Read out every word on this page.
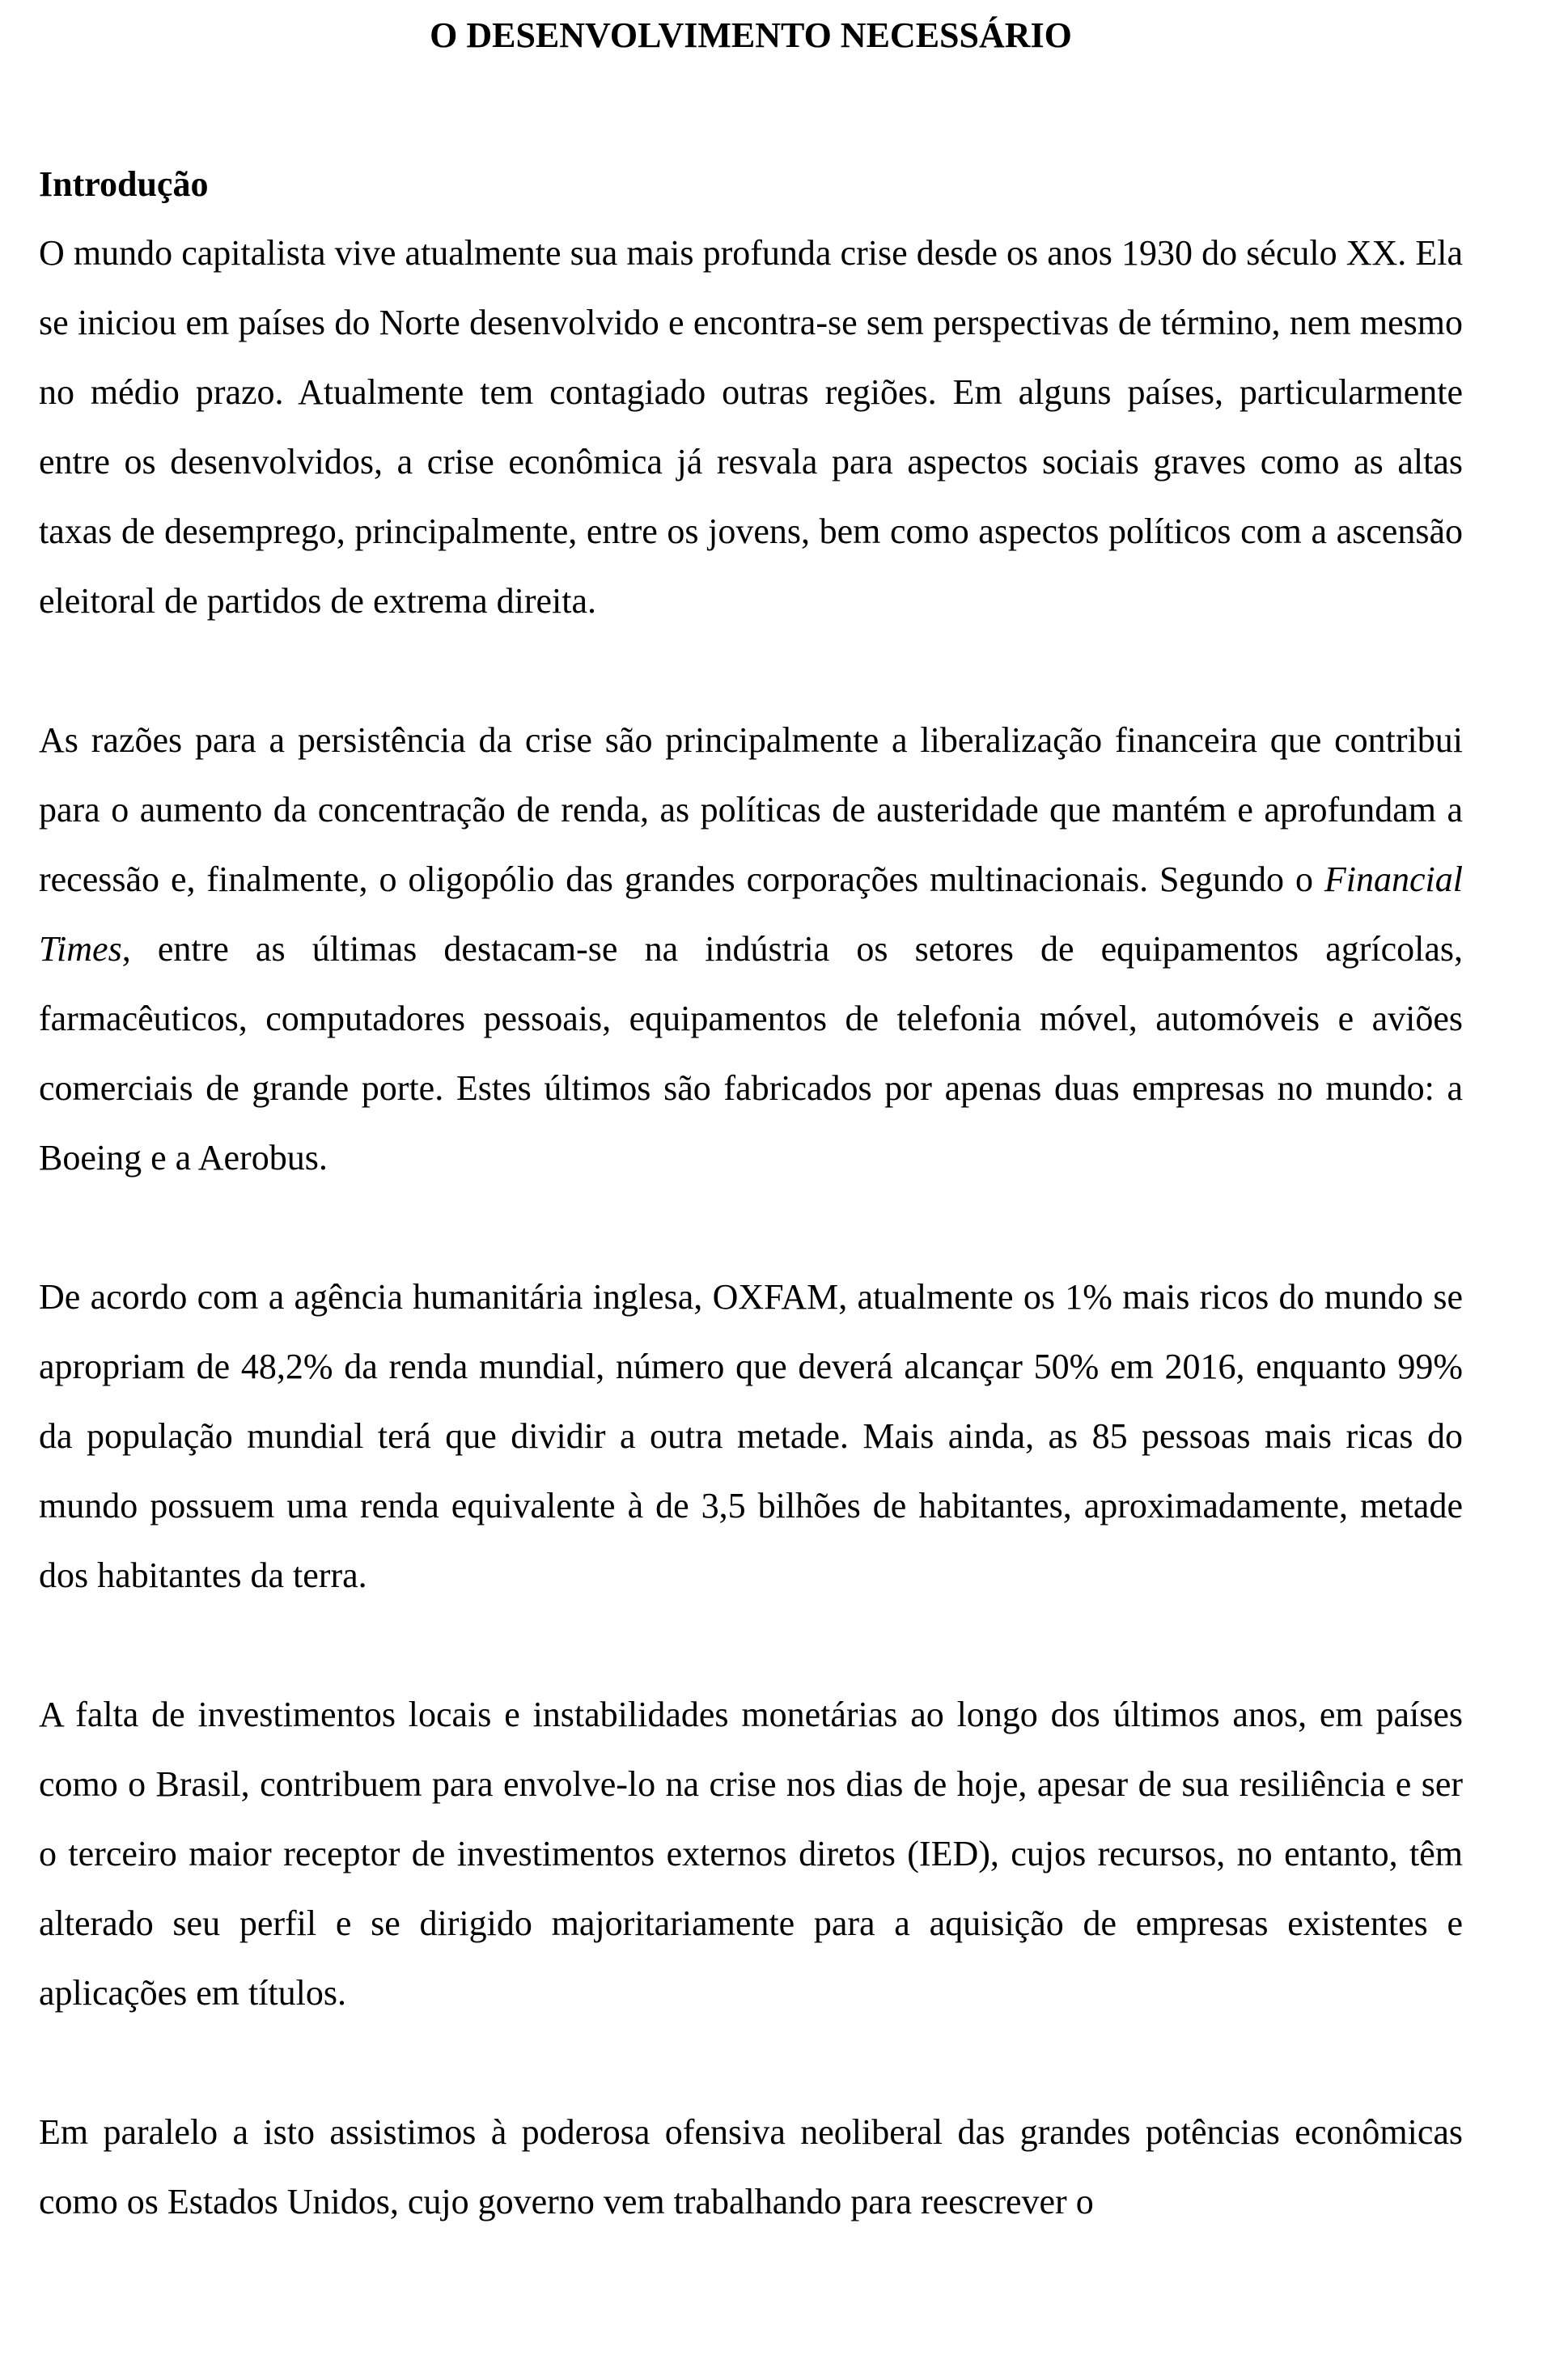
O DESENVOLVIMENTO NECESSÁRIO
Introdução

O mundo capitalista vive atualmente sua mais profunda crise desde os anos 1930 do século XX. Ela se iniciou em países do Norte desenvolvido e encontra-se sem perspectivas de término, nem mesmo no médio prazo. Atualmente tem contagiado outras regiões. Em alguns países, particularmente entre os desenvolvidos, a crise econômica já resvala para aspectos sociais graves como as altas taxas de desemprego, principalmente, entre os jovens, bem como aspectos políticos com a ascensão eleitoral de partidos de extrema direita.

As razões para a persistência da crise são principalmente a liberalização financeira que contribui para o aumento da concentração de renda, as políticas de austeridade que mantém e aprofundam a recessão e, finalmente, o oligopólio das grandes corporações multinacionais. Segundo o Financial Times, entre as últimas destacam-se na indústria os setores de equipamentos agrícolas, farmacêuticos, computadores pessoais, equipamentos de telefonia móvel, automóveis e aviões comerciais de grande porte. Estes últimos são fabricados por apenas duas empresas no mundo: a Boeing e a Aerobus.

De acordo com a agência humanitária inglesa, OXFAM, atualmente os 1% mais ricos do mundo se apropriam de 48,2% da renda mundial, número que deverá alcançar 50% em 2016, enquanto 99% da população mundial terá que dividir a outra metade. Mais ainda, as 85 pessoas mais ricas do mundo possuem uma renda equivalente à de 3,5 bilhões de habitantes, aproximadamente, metade dos habitantes da terra.

A falta de investimentos locais e instabilidades monetárias ao longo dos últimos anos, em países como o Brasil, contribuem para envolve-lo na crise nos dias de hoje, apesar de sua resiliência e ser o terceiro maior receptor de investimentos externos diretos (IED), cujos recursos, no entanto, têm alterado seu perfil e se dirigido majoritariamente para a aquisição de empresas existentes e aplicações em títulos.

Em paralelo a isto assistimos à poderosa ofensiva neoliberal das grandes potências econômicas como os Estados Unidos, cujo governo vem trabalhando para reescrever o
